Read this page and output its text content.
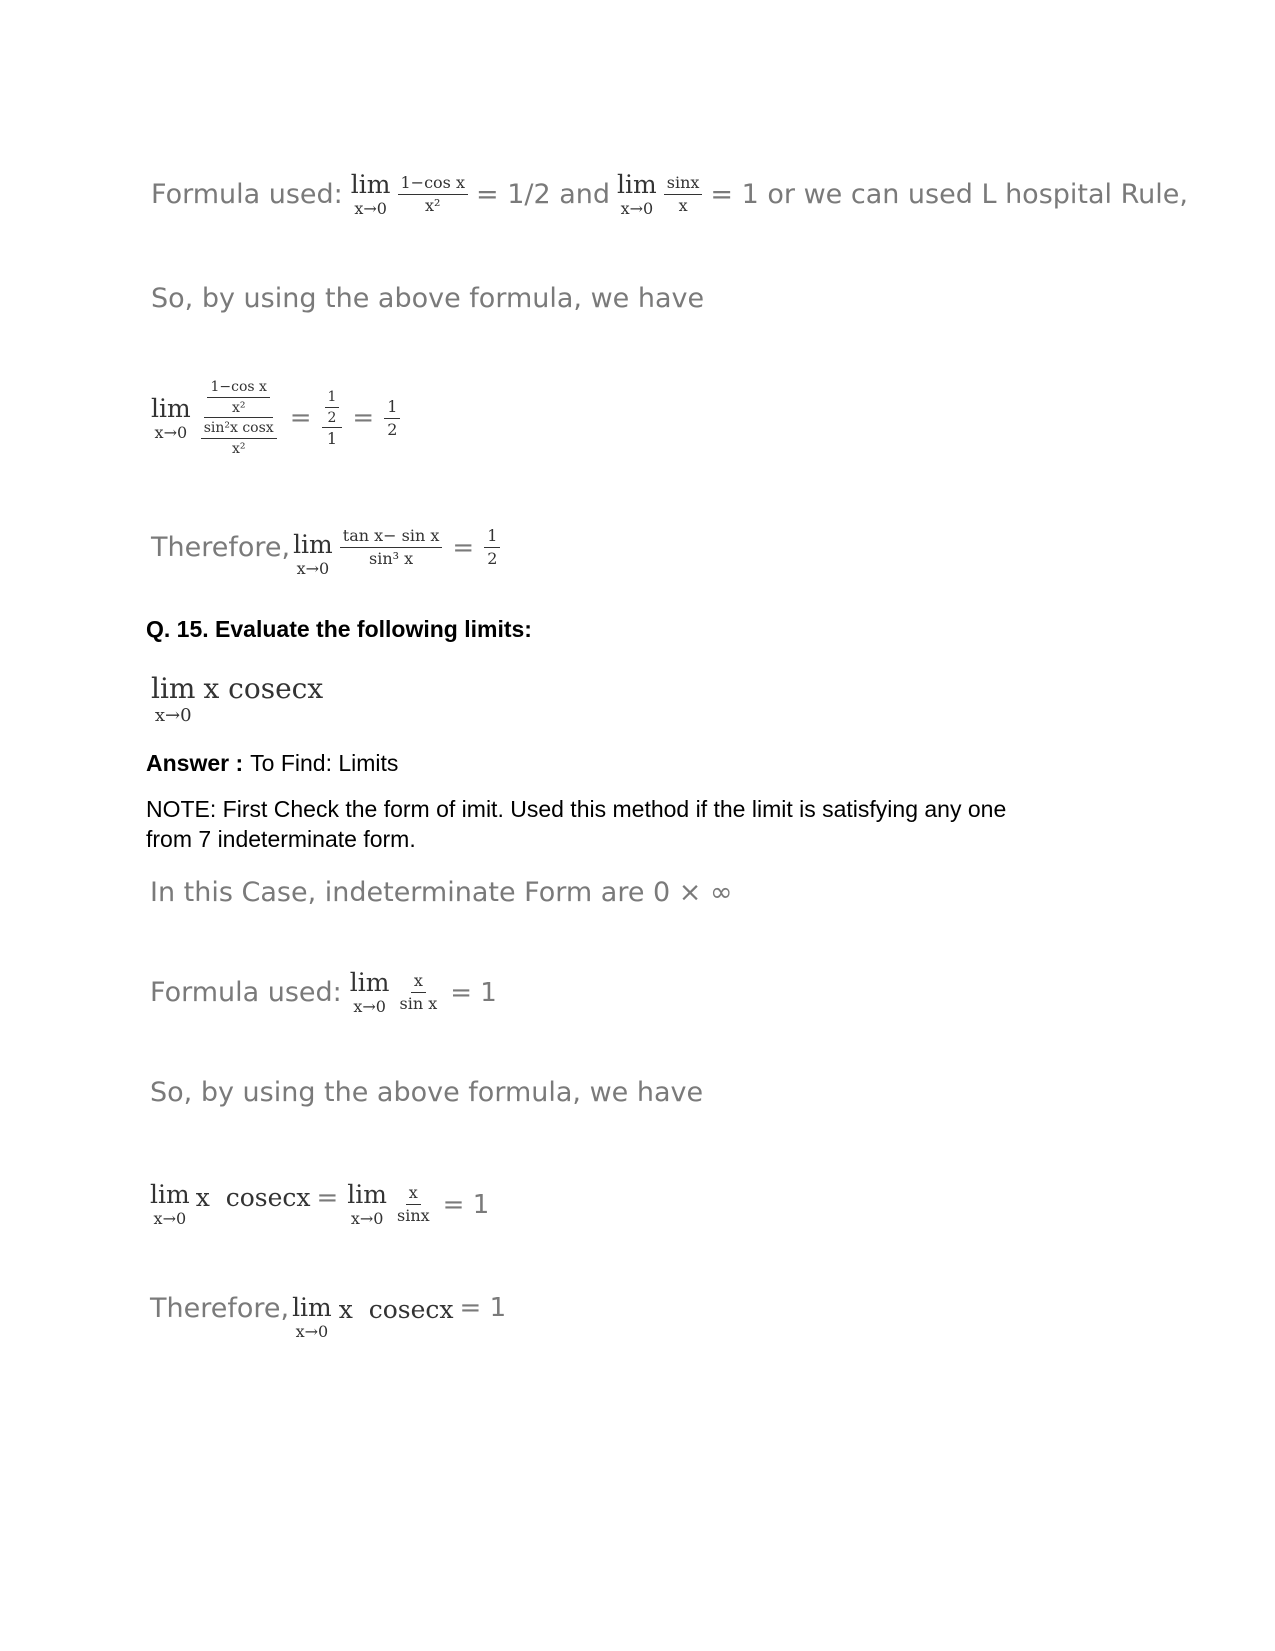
Formula used: lim
$x\to 0 \frac{\text{1−cos x}}{\text{x²}} = 1/2$ and lim
$x\to 0 \frac{\sin x}{x} = 1$ or we can used L hospital Rule,
So, by using the above formula, we have
lim
$x\to 0 \frac{\frac{\text{1−cos x}}{\text{x²}}}{\frac{\text{sin²x cosx}}{\text{x²}}} = \frac{\frac{1}{2}}{1} = \frac{1}{2}$
Therefore, lim
x→0
$\frac{\text{tan x− sin x}}{\text{sin³ x}} = \frac{1}{2}$
Q. 15. Evaluate the following limits:
lim
x→0
x cosecx
Answer : To Find: Limits
NOTE: First Check the form of imit. Used this method if the limit is satisfying any one
from 7 indeterminate form.
In this Case, indeterminate Form are 0 × ∞
Formula used: lim
$x\to 0 \frac{x}{\text{sin x}} = 1$
So, by using the above formula, we have
lim
x→0
x  cosecx = lim
$x\to 0 \frac{x}{\sin x} = 1$
Therefore, lim
x→0
x  cosecx = 1
